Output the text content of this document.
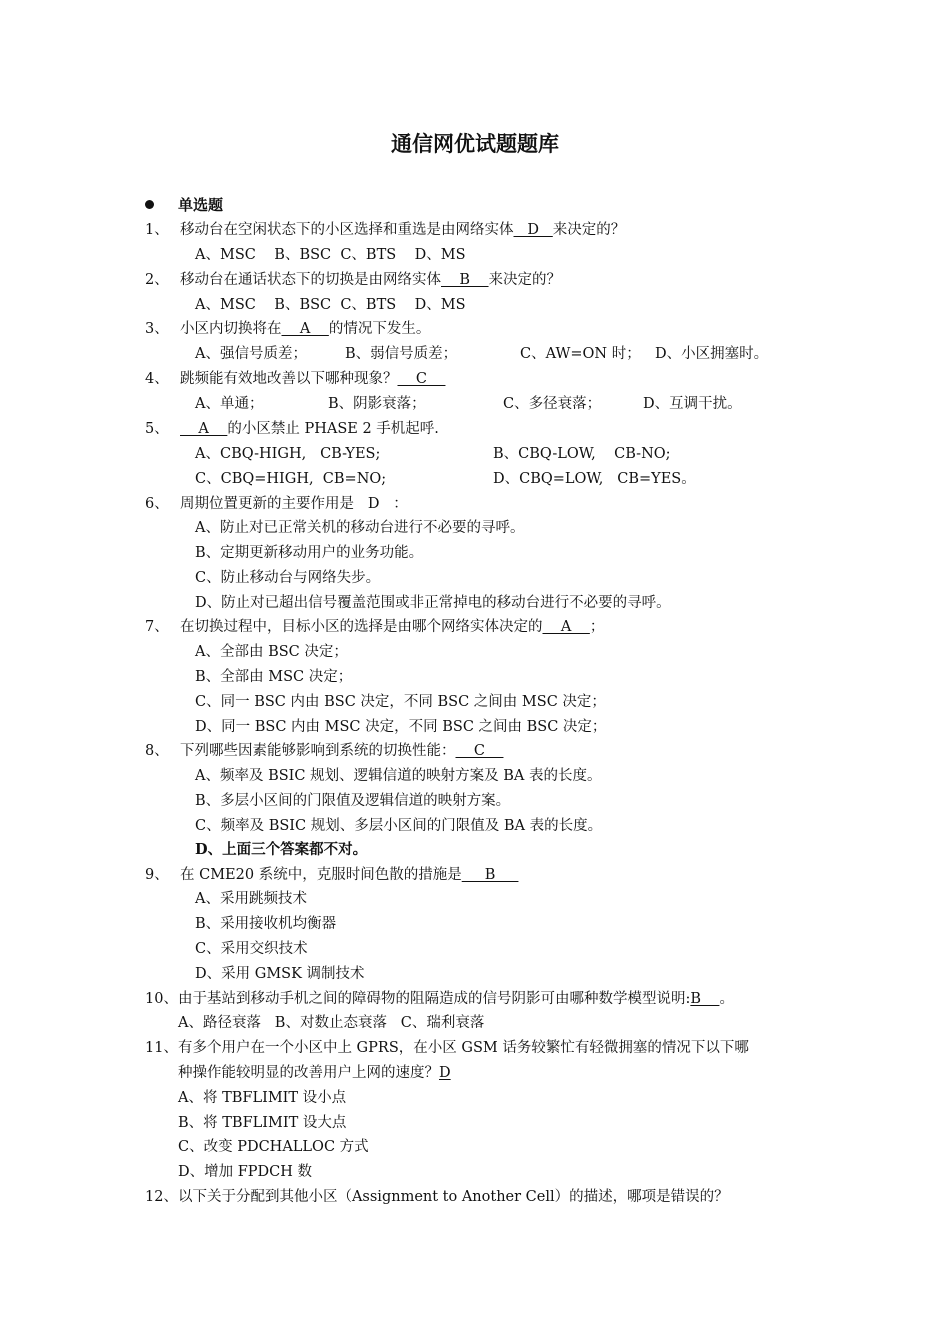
通信网优试题题库
单选题
1、 移动台在空闲状态下的小区选择和重选是由网络实体   D   来决定的？
A、MSC    B、BSC  C、BTS    D、MS
2、 移动台在通话状态下的切换是由网络实体    B    来决定的？
A、MSC    B、BSC  C、BTS    D、MS
3、 小区内切换将在    A    的情况下发生。
A、强信号质差；	B、弱信号质差；	C、AW=ON 时； D、小区拥塞时。
4、 跳频能有效地改善以下哪种现象？    C
A、单通；	B、阴影衰落；	C、多径衰落；	D、互调干扰。
5、    A    的小区禁止 PHASE 2 手机起呼.
A、CBQ-HIGH,   CB-YES;	B、CBQ-LOW,    CB-NO;
C、CBQ=HIGH,  CB=NO;	D、CBQ=LOW,   CB=YES。
6、 周期位置更新的主要作用是   D   ：
A、防止对已正常关机的移动台进行不必要的寻呼。
B、定期更新移动用户的业务功能。
C、防止移动台与网络失步。
D、防止对已超出信号覆盖范围或非正常掉电的移动台进行不必要的寻呼。
7、 在切换过程中，目标小区的选择是由哪个网络实体决定的    A    ；
A、全部由 BSC 决定；
B、全部由 MSC 决定；
C、同一 BSC 内由 BSC 决定，不同 BSC 之间由 MSC 决定；
D、同一 BSC 内由 MSC 决定，不同 BSC 之间由 BSC 决定；
8、 下列哪些因素能够影响到系统的切换性能：    C
A、频率及 BSIC 规划、逻辑信道的映射方案及 BA 表的长度。
B、多层小区间的门限值及逻辑信道的映射方案。
C、频率及 BSIC 规划、多层小区间的门限值及 BA 表的长度。
D、上面三个答案都不对。
9、 在 CME20 系统中，克服时间色散的措施是     B
A、采用跳频技术
B、采用接收机均衡器
C、采用交织技术
D、采用 GMSK 调制技术
10、由于基站到移动手机之间的障碍物的阻隔造成的信号阴影可由哪种数学模型说明:B    。
A、路径衰落   B、对数止态衰落   C、瑞利衰落
11、有多个用户在一个小区中上 GPRS，在小区 GSM 话务较繁忙有轻微拥塞的情况下以下哪
种操作能较明显的改善用户上网的速度？D
A、将 TBFLIMIT 设小点
B、将 TBFLIMIT 设大点
C、改变 PDCHALLOC 方式
D、增加 FPDCH 数
12、以下关于分配到其他小区（Assignment to Another Cell）的描述，哪项是错误的？
